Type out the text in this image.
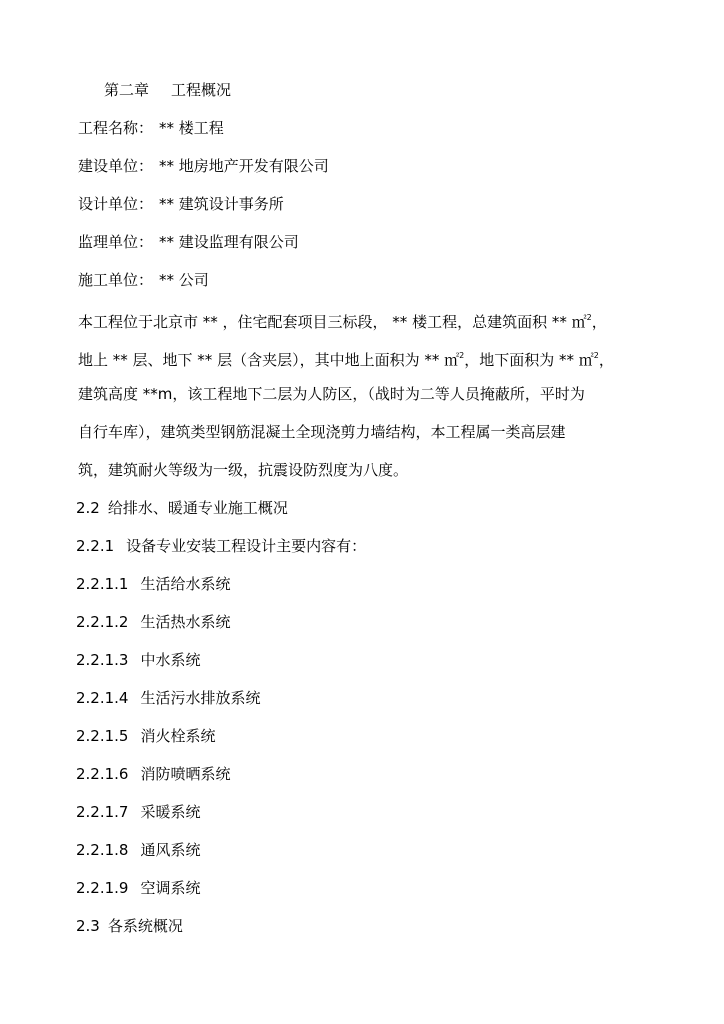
第二章 工程概况
工程名称： ** 楼工程
建设单位： ** 地房地产开发有限公司
设计单位： ** 建筑设计事务所
监理单位： ** 建设监理有限公司
施工单位： ** 公司
本工程位于北京市 ** ，住宅配套项目三标段， ** 楼工程，总建筑面积 ** ㎡$^2$，
地上 ** 层、地下 ** 层（含夹层），其中地上面积为 ** ㎡$^2$，地下面积为 ** ㎡$^2$，
建筑高度 **m，该工程地下二层为人防区，（战时为二等人员掩蔽所，平时为
自行车库），建筑类型钢筋混凝土全现浇剪力墙结构，本工程属一类高层建
筑，建筑耐火等级为一级，抗震设防烈度为八度。
2.2 给排水、暖通专业施工概况
2.2.1 设备专业安装工程设计主要内容有：
2.2.1.1 生活给水系统
2.2.1.2 生活热水系统
2.2.1.3 中水系统
2.2.1.4 生活污水排放系统
2.2.1.5 消火栓系统
2.2.1.6 消防喷晒系统
2.2.1.7 采暖系统
2.2.1.8 通风系统
2.2.1.9 空调系统
2.3 各系统概况
